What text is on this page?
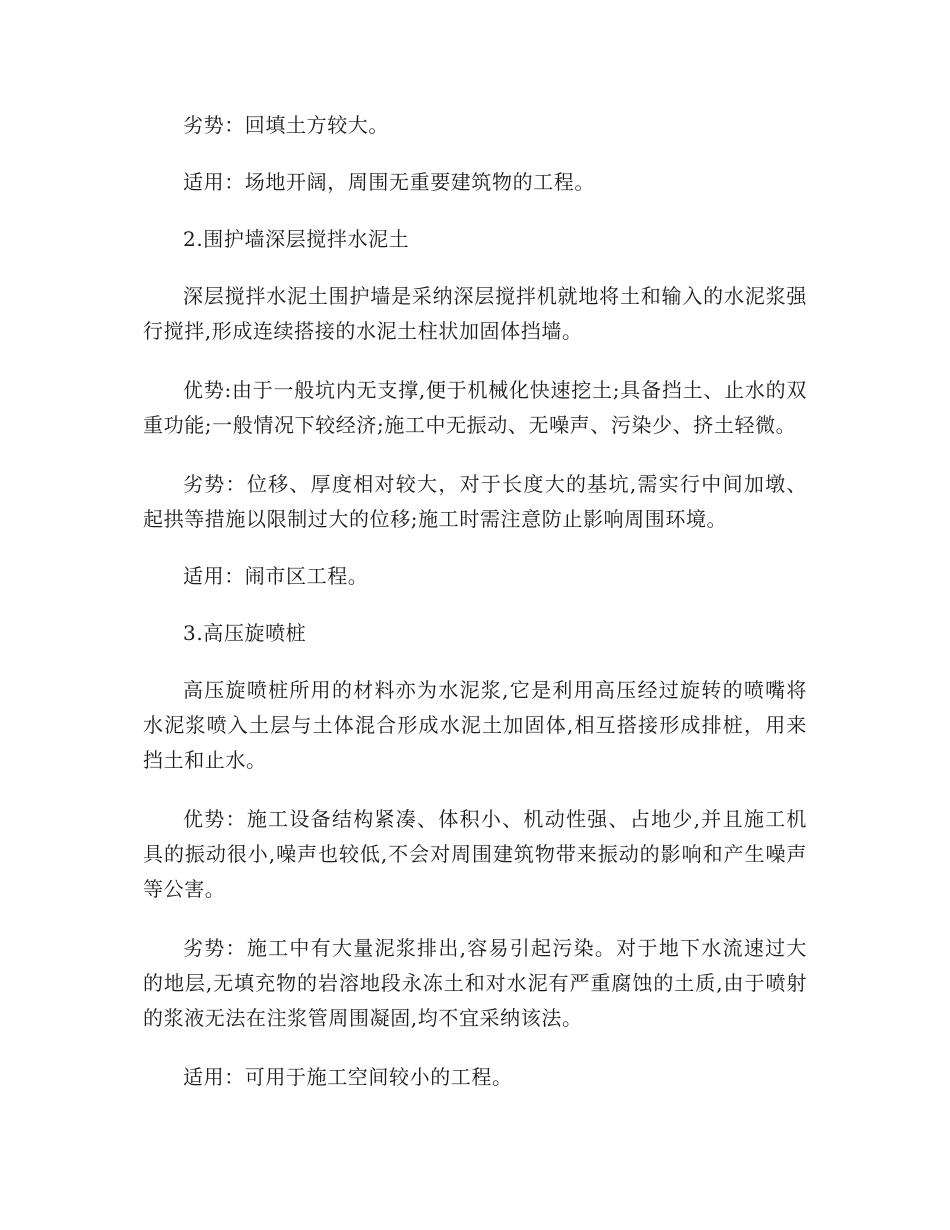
劣势：回填土方较大。

适用：场地开阔，周围无重要建筑物的工程。

2.围护墙深层搅拌水泥土

深层搅拌水泥土围护墙是采纳深层搅拌机就地将土和输入的水泥浆强行搅拌,形成连续搭接的水泥土柱状加固体挡墙。

优势:由于一般坑内无支撑,便于机械化快速挖土;具备挡土、止水的双重功能;一般情况下较经济;施工中无振动、无噪声、污染少、挤土轻微。

劣势：位移、厚度相对较大，对于长度大的基坑,需实行中间加墩、起拱等措施以限制过大的位移;施工时需注意防止影响周围环境。

适用：闹市区工程。

3.高压旋喷桩

高压旋喷桩所用的材料亦为水泥浆,它是利用高压经过旋转的喷嘴将水泥浆喷入土层与土体混合形成水泥土加固体,相互搭接形成排桩，用来挡土和止水。

优势：施工设备结构紧凑、体积小、机动性强、占地少,并且施工机具的振动很小,噪声也较低,不会对周围建筑物带来振动的影响和产生噪声等公害。

劣势：施工中有大量泥浆排出,容易引起污染。对于地下水流速过大的地层,无填充物的岩溶地段永冻土和对水泥有严重腐蚀的土质,由于喷射的浆液无法在注浆管周围凝固,均不宜采纳该法。

适用：可用于施工空间较小的工程。
